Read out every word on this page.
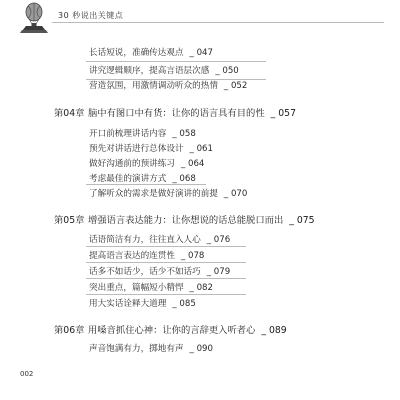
30 秒说出关键点
长话短说，准确传达观点 _ 047
讲究逻辑顺序，提高言语层次感 _ 050
营造氛围，用激情调动听众的热情 _ 052
第04章 脑中有图口中有货：让你的语言具有目的性 _ 057
开口前梳理讲话内容 _ 058
预先对讲话进行总体设计 _ 061
做好沟通前的预讲练习 _ 064
考虑最佳的演讲方式 _ 068
了解听众的需求是做好演讲的前提 _ 070
第05章 增强语言表达能力：让你想说的话总能脱口而出 _ 075
话语简洁有力，往往直入人心 _ 076
提高语言表达的连贯性 _ 078
话多不如话少，话少不如话巧 _ 079
突出重点，篇幅短小精悍 _ 082
用大实话诠释大道理 _ 085
第06章 用嗓音抓住心神：让你的言辞更入听者心 _ 089
声音饱满有力，掷地有声 _ 090
002
